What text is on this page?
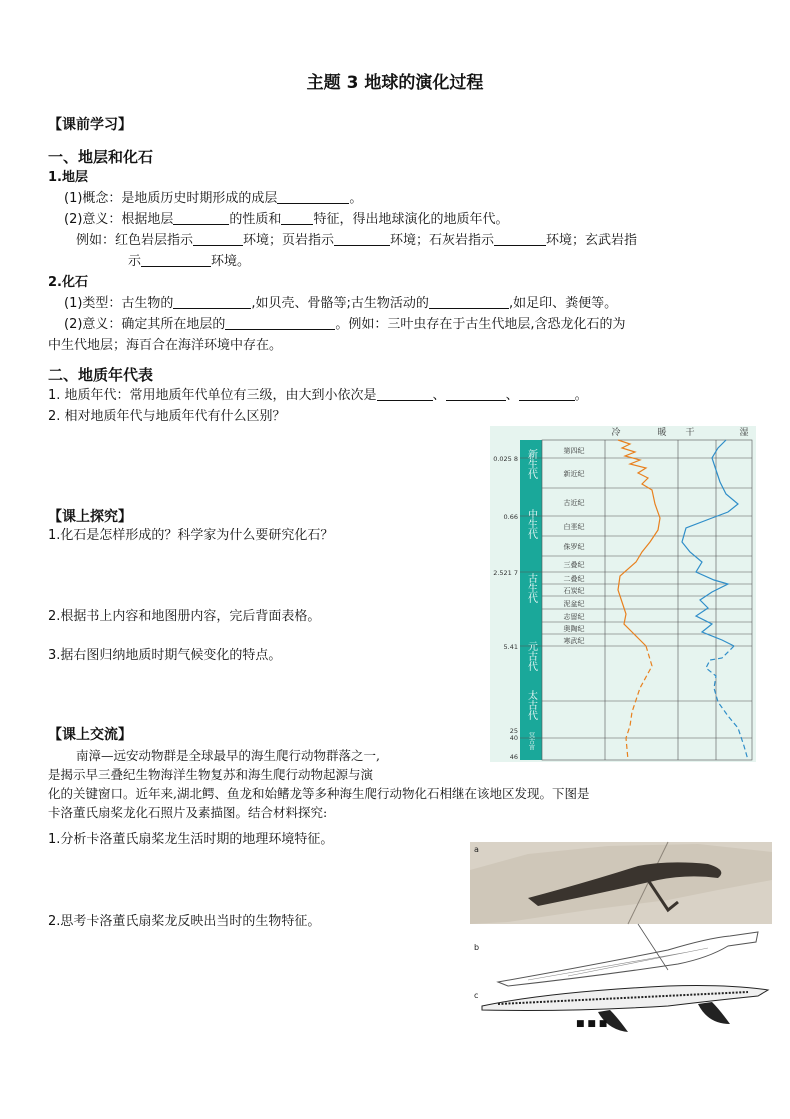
主题 3 地球的演化过程
【课前学习】
一、地层和化石
1.地层
(1)概念：是地质历史时期形成的成层	。
(2)意义：根据地层	的性质和 特征，得出地球演化的地质年代。
例如：红色岩层指示	环境；页岩指示	环境；石灰岩指示	环境；玄武岩指
示	环境。
2.化石
(1)类型：古生物的	,如贝壳、骨骼等;古生物活动的	,如足印、粪便等。
(2)意义：确定其所在地层的	。例如：三叶虫存在于古生代地层,含恐龙化石的为
中生代地层；海百合在海洋环境中存在。
二、地质年代表
1. 地质年代：常用地质年代单位有三级，由大到小依次是	、	、	。
2. 相对地质年代与地质年代有什么区别？
【课上探究】
1.化石是怎样形成的？科学家为什么要研究化石？
2.根据书上内容和地图册内容，完后背面表格。
3.据右图归纳地质时期气候变化的特点。
【课上交流】
南漳—远安动物群是全球最早的海生爬行动物群落之一,
是揭示早三叠纪生物海洋生物复苏和海生爬行动物起源与演
化的关键窗口。近年来,湖北鳄、鱼龙和始鳍龙等多种海生爬行动物化石相继在该地区发现。下图是
卡洛董氏扇桨龙化石照片及素描图。结合材料探究:
1.分析卡洛董氏扇桨龙生活时期的地理环境特征。
2.思考卡洛董氏扇桨龙反映出当时的生物特征。
冷	暖 干	湿
0.025 8
0.66
2.521 7
5.41
25
40
46
新生代
中生代
古生代
元古代
太古代
冥古宙
第四纪
新近纪
古近纪
白垩纪
侏罗纪
三叠纪
二叠纪
石炭纪
泥盆纪
志留纪
奥陶纪
寒武纪
a
b
c
■ ■ ■
